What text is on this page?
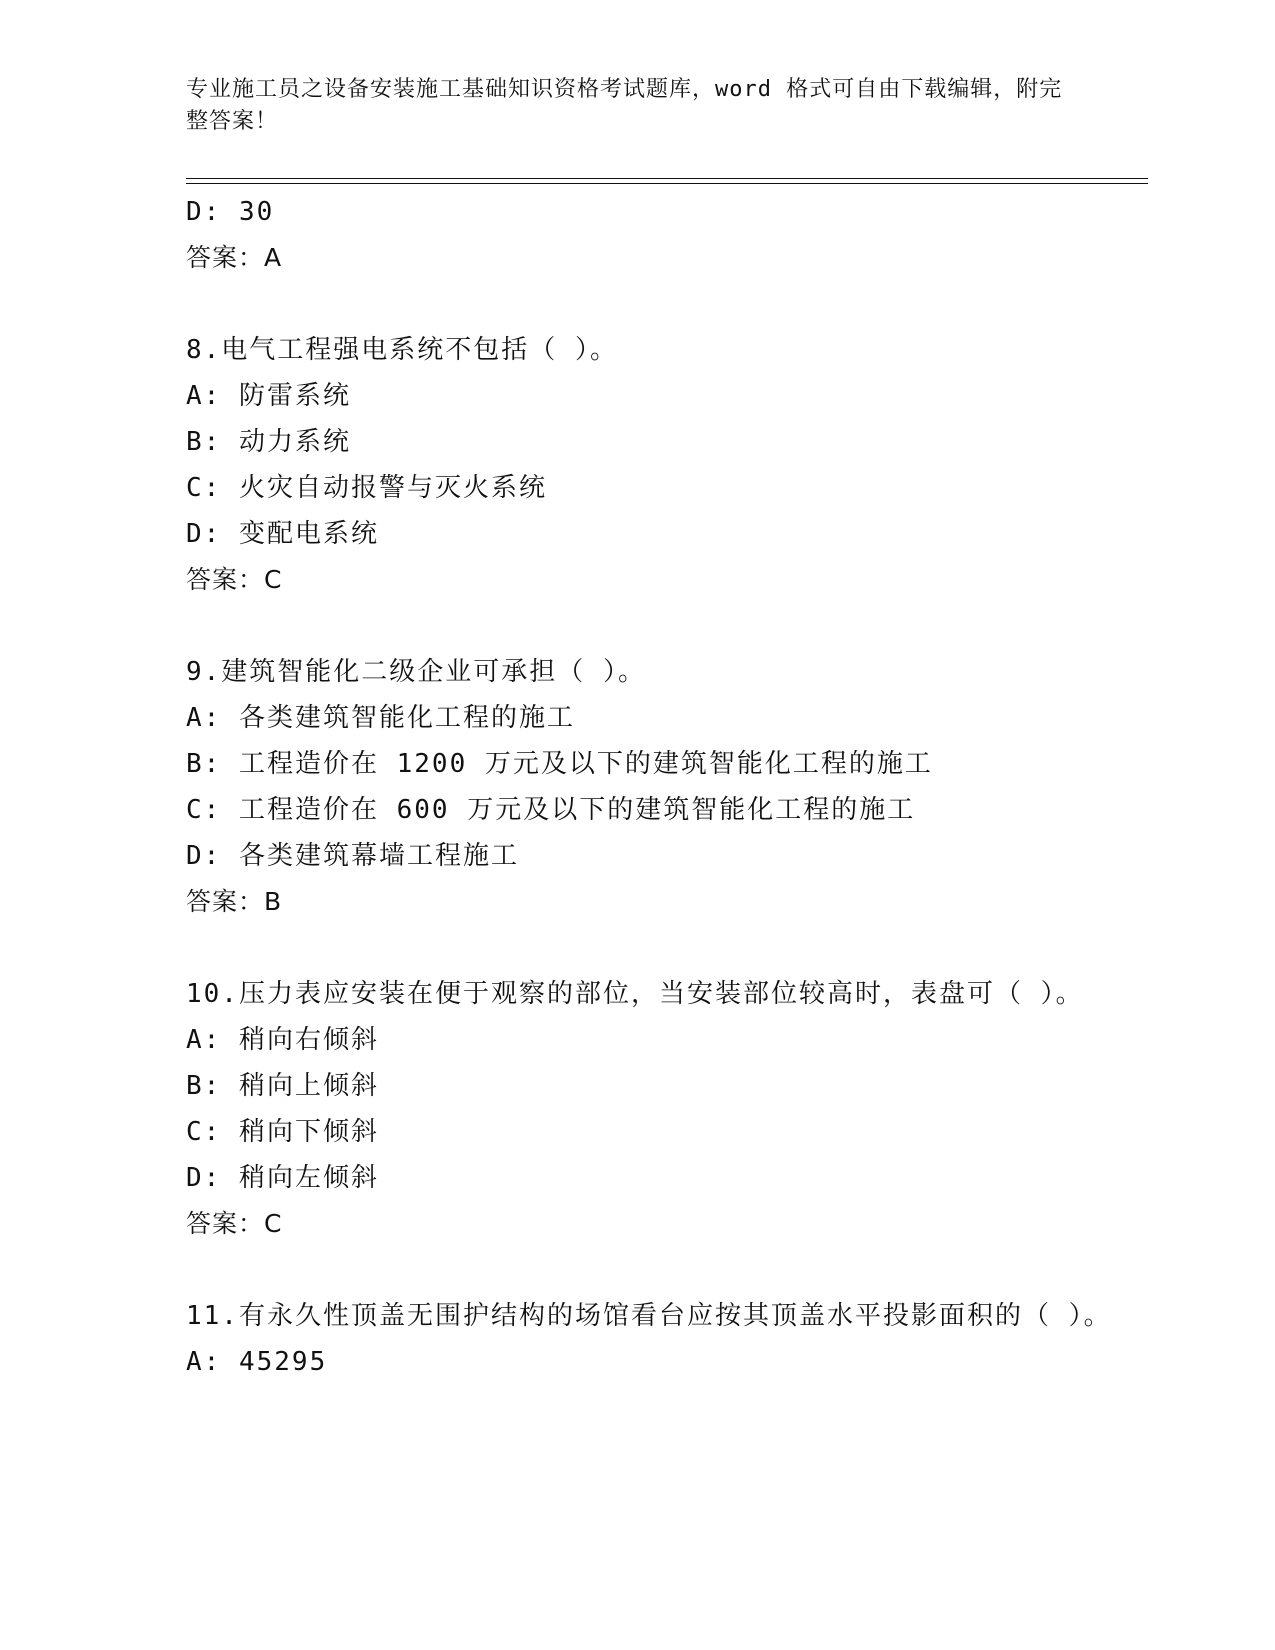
专业施工员之设备安装施工基础知识资格考试题库，word 格式可自由下载编辑，附完整答案！
D: 30
答案：A
8.电气工程强电系统不包括（ ）。
A: 防雷系统
B: 动力系统
C: 火灾自动报警与灭火系统
D: 变配电系统
答案：C
9.建筑智能化二级企业可承担（ ）。
A: 各类建筑智能化工程的施工
B: 工程造价在 1200 万元及以下的建筑智能化工程的施工
C: 工程造价在 600 万元及以下的建筑智能化工程的施工
D: 各类建筑幕墙工程施工
答案：B
10.压力表应安装在便于观察的部位，当安装部位较高时，表盘可（ ）。
A: 稍向右倾斜
B: 稍向上倾斜
C: 稍向下倾斜
D: 稍向左倾斜
答案：C
11.有永久性顶盖无围护结构的场馆看台应按其顶盖水平投影面积的（ ）。
A: 45295
